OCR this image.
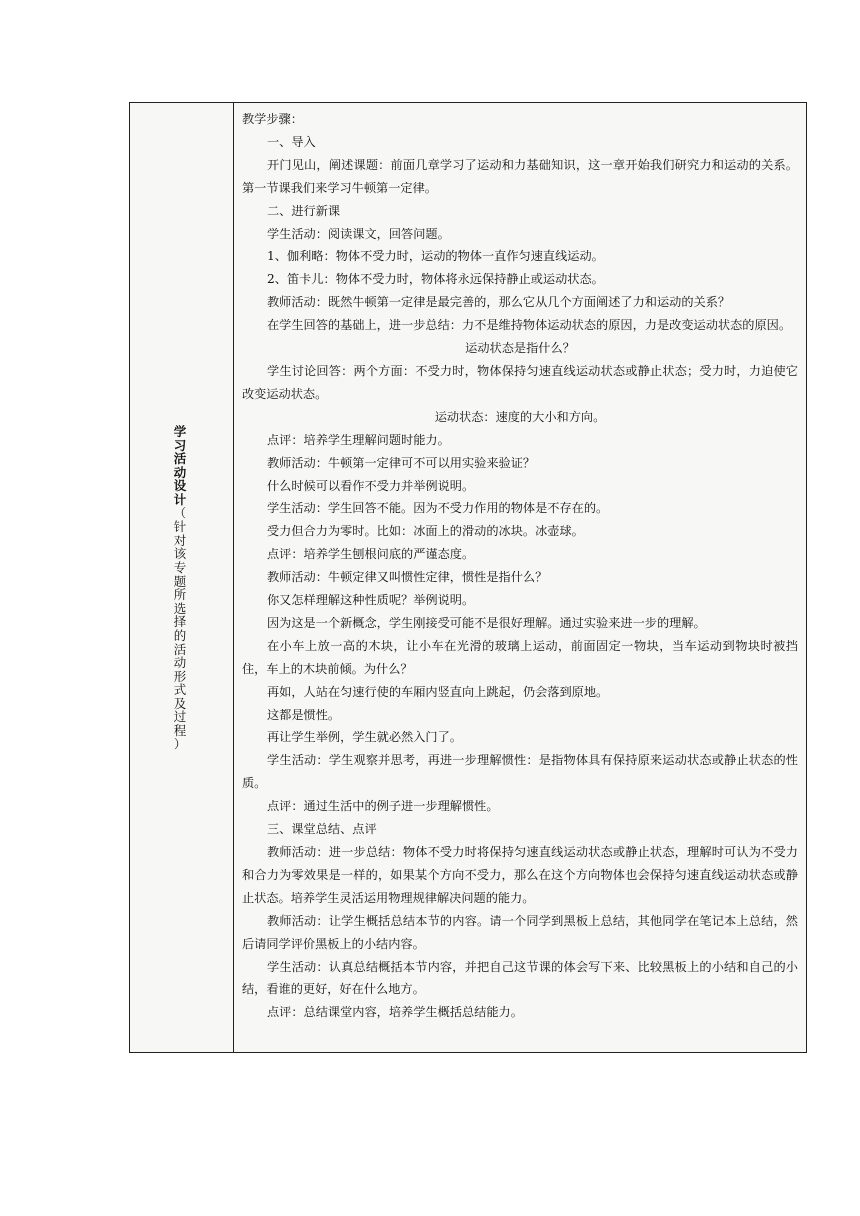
学
习
活
动
设
计
（
针
对
该
专
题
所
选
择
的
活
动
形
式
及
过
程
）

教学步骤：

一、导入

开门见山，阐述课题：前面几章学习了运动和力基础知识，这一章开始我们研究力和运动的关系。第一节课我们来学习牛顿第一定律。

二、进行新课

学生活动：阅读课文，回答问题。

1、伽利略：物体不受力时，运动的物体一直作匀速直线运动。

2、笛卡儿：物体不受力时，物体将永远保持静止或运动状态。

教师活动：既然牛顿第一定律是最完善的，那么它从几个方面阐述了力和运动的关系？

在学生回答的基础上，进一步总结：力不是维持物体运动状态的原因，力是改变运动状态的原因。

运动状态是指什么？

学生讨论回答：两个方面：不受力时，物体保持匀速直线运动状态或静止状态；受力时，力迫使它改变运动状态。

运动状态：速度的大小和方向。

点评：培养学生理解问题时能力。

教师活动：牛顿第一定律可不可以用实验来验证？

什么时候可以看作不受力并举例说明。

学生活动：学生回答不能。因为不受力作用的物体是不存在的。

受力但合力为零时。比如：冰面上的滑动的冰块。冰壶球。

点评：培养学生刨根问底的严谨态度。

教师活动：牛顿定律又叫惯性定律，惯性是指什么？

你又怎样理解这种性质呢？举例说明。

因为这是一个新概念，学生刚接受可能不是很好理解。通过实验来进一步的理解。

在小车上放一高的木块，让小车在光滑的玻璃上运动，前面固定一物块，当车运动到物块时被挡住，车上的木块前倾。为什么？

再如，人站在匀速行使的车厢内竖直向上跳起，仍会落到原地。

这都是惯性。

再让学生举例，学生就必然入门了。

学生活动：学生观察并思考，再进一步理解惯性：是指物体具有保持原来运动状态或静止状态的性质。

点评：通过生活中的例子进一步理解惯性。

三、课堂总结、点评

教师活动：进一步总结：物体不受力时将保持匀速直线运动状态或静止状态，理解时可认为不受力和合力为零效果是一样的，如果某个方向不受力，那么在这个方向物体也会保持匀速直线运动状态或静止状态。培养学生灵活运用物理规律解决问题的能力。

教师活动：让学生概括总结本节的内容。请一个同学到黑板上总结，其他同学在笔记本上总结，然后请同学评价黑板上的小结内容。

学生活动：认真总结概括本节内容，并把自己这节课的体会写下来、比较黑板上的小结和自己的小结，看谁的更好，好在什么地方。

点评：总结课堂内容，培养学生概括总结能力。
